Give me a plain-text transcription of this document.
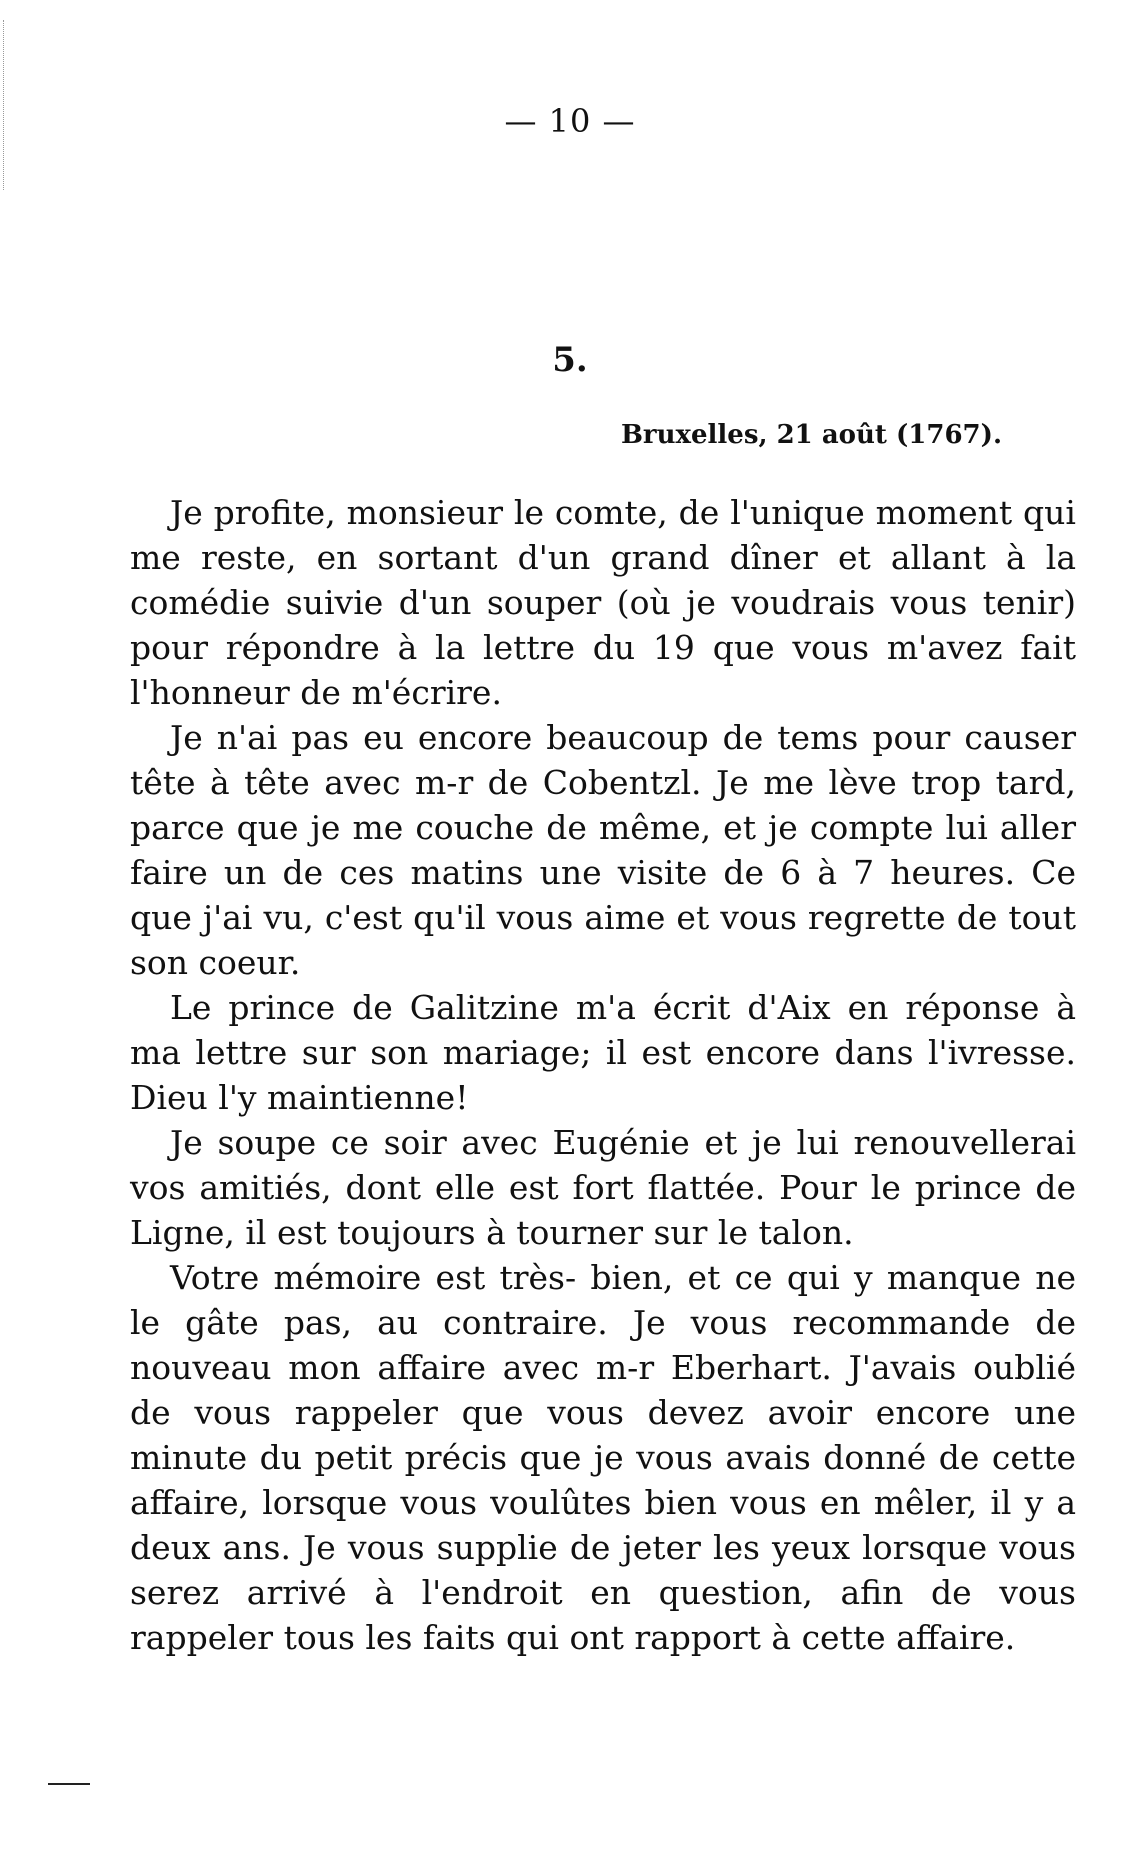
— 10 —
5.
Bruxelles, 21 août (1767).

Je profite, monsieur le comte, de l'unique moment qui me reste, en sortant d'un grand dîner et allant à la comédie suivie d'un souper (où je voudrais vous tenir) pour répondre à la lettre du 19 que vous m'avez fait l'honneur de m'écrire.

Je n'ai pas eu encore beaucoup de tems pour causer tête à tête avec m-r de Cobentzl. Je me lève trop tard, parce que je me couche de même, et je compte lui aller faire un de ces matins une visite de 6 à 7 heures. Ce que j'ai vu, c'est qu'il vous aime et vous regrette de tout son coeur.

Le prince de Galitzine m'a écrit d'Aix en réponse à ma lettre sur son mariage; il est encore dans l'ivresse. Dieu l'y maintienne!

Je soupe ce soir avec Eugénie et je lui renouvellerai vos amitiés, dont elle est fort flattée. Pour le prince de Ligne, il est toujours à tourner sur le talon.

Votre mémoire est très- bien, et ce qui y manque ne le gâte pas, au contraire. Je vous recommande de nouveau mon affaire avec m-r Eberhart. J'avais oublié de vous rappeler que vous devez avoir encore une minute du petit précis que je vous avais donné de cette affaire, lorsque vous voulûtes bien vous en mêler, il y a deux ans. Je vous supplie de jeter les yeux lorsque vous serez arrivé à l'endroit en question, afin de vous rappeler tous les faits qui ont rapport à cette affaire.
